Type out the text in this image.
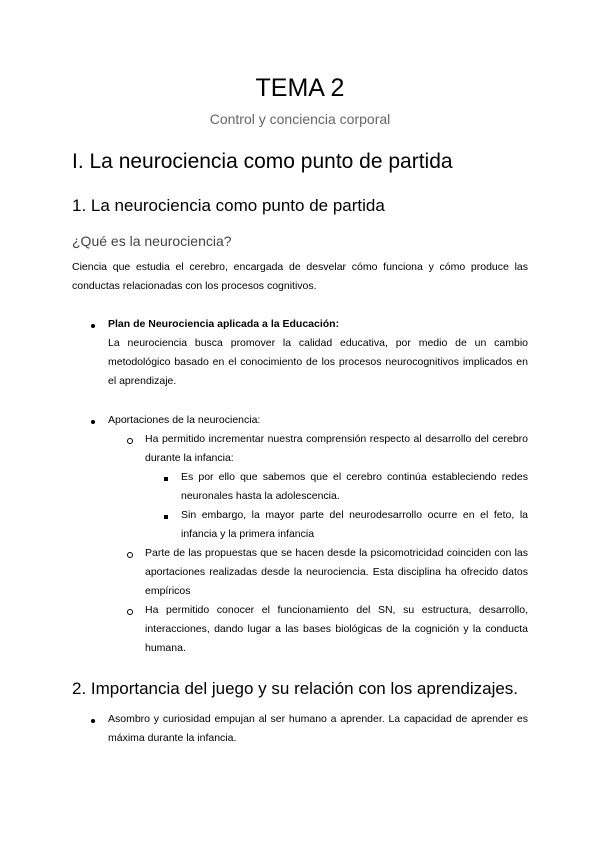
TEMA 2
Control y conciencia corporal
I. La neurociencia como punto de partida
1. La neurociencia como punto de partida
¿Qué es la neurociencia?
Ciencia que estudia el cerebro, encargada de desvelar cómo funciona y cómo produce las conductas relacionadas con los procesos cognitivos.
Plan de Neurociencia aplicada a la Educación:
La neurociencia busca promover la calidad educativa, por medio de un cambio metodológico basado en el conocimiento de los procesos neurocognitivos implicados en el aprendizaje.
Aportaciones de la neurociencia:
Ha permitido incrementar nuestra comprensión respecto al desarrollo del cerebro durante la infancia:
Es por ello que sabemos que el cerebro continúa estableciendo redes neuronales hasta la adolescencia.
Sin embargo, la mayor parte del neurodesarrollo ocurre en el feto, la infancia y la primera infancia
Parte de las propuestas que se hacen desde la psicomotricidad coinciden con las aportaciones realizadas desde la neurociencia. Esta disciplina ha ofrecido datos empíricos
Ha permitido conocer el funcionamiento del SN, su estructura, desarrollo, interacciones, dando lugar a las bases biológicas de la cognición y la conducta humana.
2. Importancia del juego y su relación con los aprendizajes.
Asombro y curiosidad empujan al ser humano a aprender. La capacidad de aprender es máxima durante la infancia.
